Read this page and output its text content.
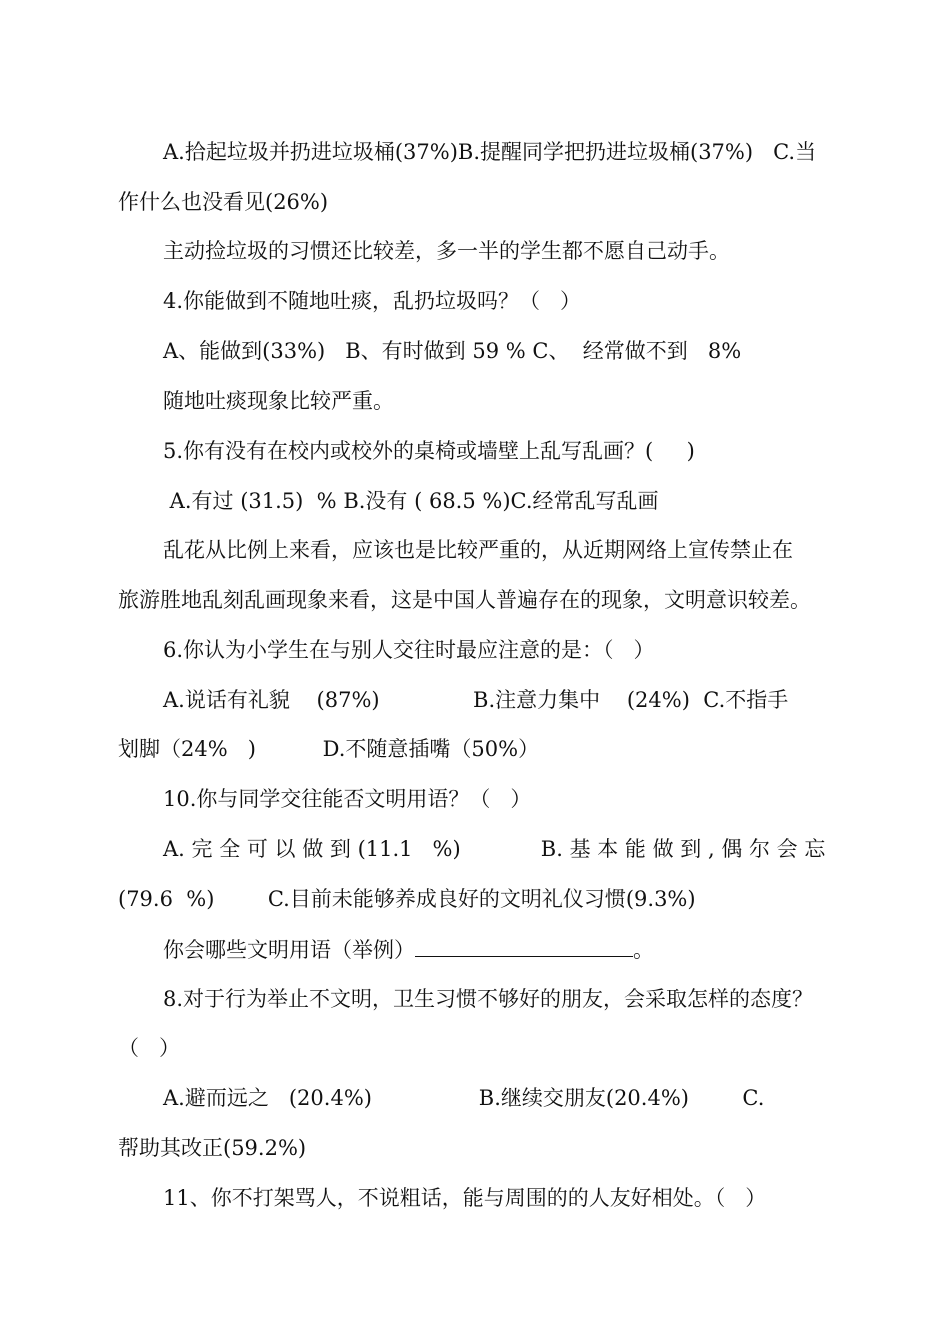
A.拾起垃圾并扔进垃圾桶(37%)B.提醒同学把扔进垃圾桶(37%)   C.当
作什么也没看见(26%)
主动捡垃圾的习惯还比较差，多一半的学生都不愿自己动手。
4.你能做到不随地吐痰，乱扔垃圾吗？（   ）
A、能做到(33%)   B、有时做到 59 % C、  经常做不到   8%
随地吐痰现象比较严重。
5.你有没有在校内或校外的桌椅或墙壁上乱写乱画？(     )
A.有过 (31.5)  % B.没有 ( 68.5 %)C.经常乱写乱画
乱花从比例上来看，应该也是比较严重的，从近期网络上宣传禁止在
旅游胜地乱刻乱画现象来看，这是中国人普遍存在的现象，文明意识较差。
6.你认为小学生在与别人交往时最应注意的是：（   ）
A.说话有礼貌    (87%)              B.注意力集中    (24%)  C.不指手
划脚（24%   )          D.不随意插嘴（50%）
10.你与同学交往能否文明用语？（   ）
A. 完 全 可 以 做 到 (11.1   %)            B. 基 本 能 做 到 , 偶 尔 会 忘
(79.6  %)        C.目前未能够养成良好的文明礼仪习惯(9.3%)
你会哪些文明用语（举例）	。
8.对于行为举止不文明，卫生习惯不够好的朋友，会采取怎样的态度？
（   ）
A.避而远之   (20.4%)                B.继续交朋友(20.4%)        C.
帮助其改正(59.2%)
11、你不打架骂人，不说粗话，能与周围的的人友好相处。（   ）
